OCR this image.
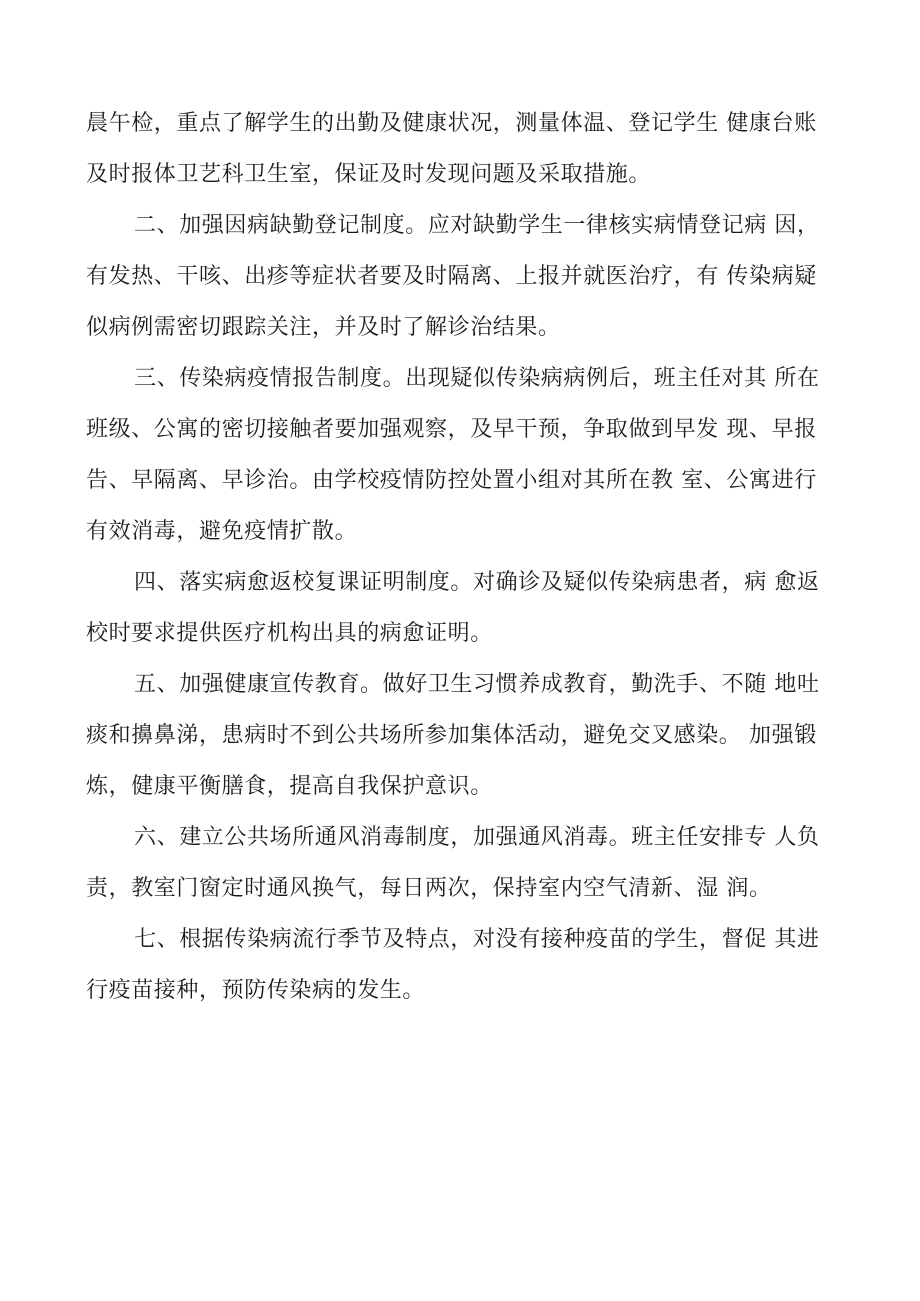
晨午检，重点了解学生的出勤及健康状况，测量体温、登记学生 健康台账
及时报体卫艺科卫生室，保证及时发现问题及采取措施。
二、加强因病缺勤登记制度。应对缺勤学生一律核实病情登记病 因，
有发热、干咳、出疹等症状者要及时隔离、上报并就医治疗，有 传染病疑
似病例需密切跟踪关注，并及时了解诊治结果。
三、传染病疫情报告制度。出现疑似传染病病例后，班主任对其 所在
班级、公寓的密切接触者要加强观察，及早干预，争取做到早发 现、早报
告、早隔离、早诊治。由学校疫情防控处置小组对其所在教 室、公寓进行
有效消毒，避免疫情扩散。
四、落实病愈返校复课证明制度。对确诊及疑似传染病患者，病 愈返
校时要求提供医疗机构出具的病愈证明。
五、加强健康宣传教育。做好卫生习惯养成教育，勤洗手、不随 地吐
痰和擤鼻涕，患病时不到公共场所参加集体活动，避免交叉感染。 加强锻
炼，健康平衡膳食，提高自我保护意识。
六、建立公共场所通风消毒制度，加强通风消毒。班主任安排专 人负
责，教室门窗定时通风换气，每日两次，保持室内空气清新、湿 润。
七、根据传染病流行季节及特点，对没有接种疫苗的学生，督促 其进
行疫苗接种，预防传染病的发生。
